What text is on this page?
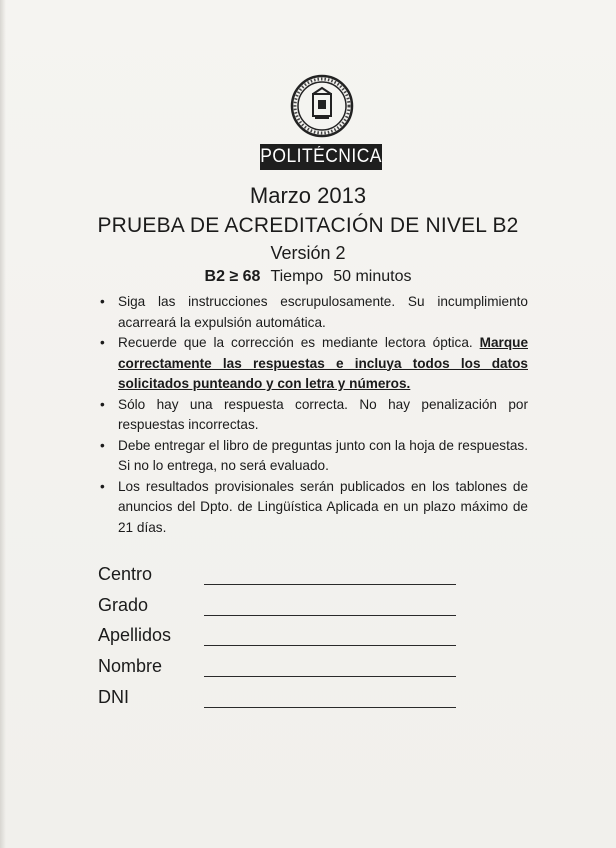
POLITÉCNICA
Marzo 2013
PRUEBA DE ACREDITACIÓN DE NIVEL B2
Versión 2
B2 ≥ 68 Tiempo 50 minutos
• Siga las instrucciones escrupulosamente. Su incumplimiento acarreará la expulsión automática.
• Recuerde que la corrección es mediante lectora óptica. Marque correctamente las respuestas e incluya todos los datos solicitados punteando y con letra y números.
• Sólo hay una respuesta correcta. No hay penalización por respuestas incorrectas.
• Debe entregar el libro de preguntas junto con la hoja de respuestas. Si no lo entrega, no será evaluado.
• Los resultados provisionales serán publicados en los tablones de anuncios del Dpto. de Lingüística Aplicada en un plazo máximo de 21 días.
Centro
Grado
Apellidos
Nombre
DNI
